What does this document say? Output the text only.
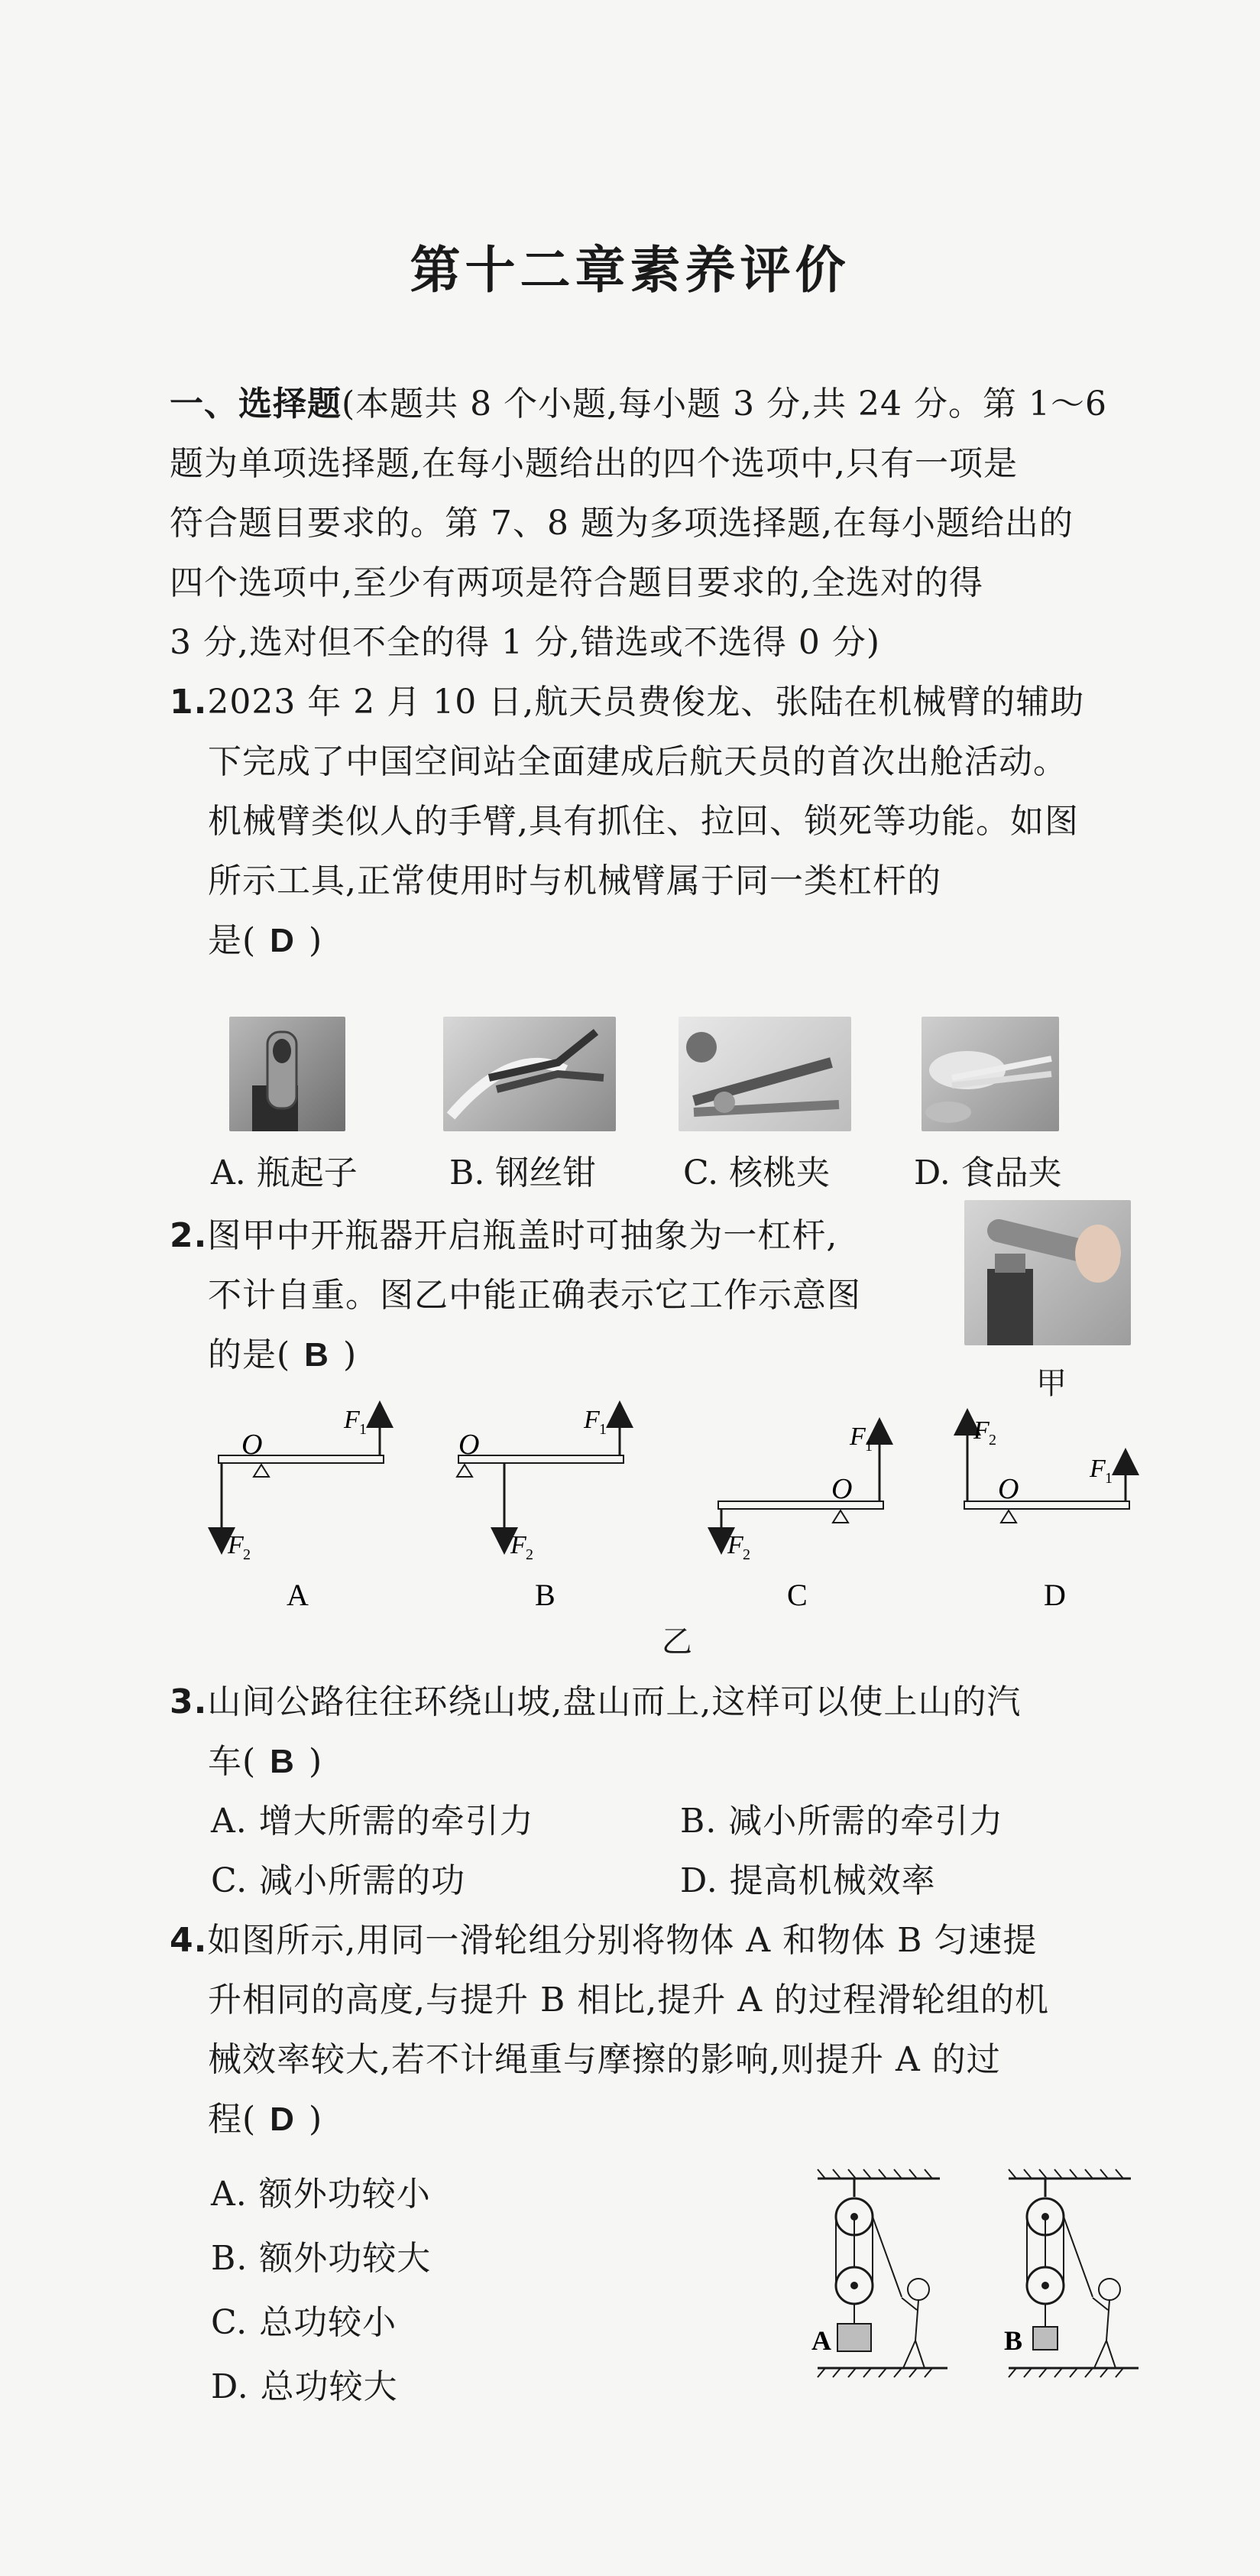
第十二章素养评价
一、选择题(本题共 8 个小题,每小题 3 分,共 24 分。第 1～6
题为单项选择题,在每小题给出的四个选项中,只有一项是
符合题目要求的。第 7、8 题为多项选择题,在每小题给出的
四个选项中,至少有两项是符合题目要求的,全选对的得
3 分,选对但不全的得 1 分,错选或不选得 0 分)
1.2023 年 2 月 10 日,航天员费俊龙、张陆在机械臂的辅助
下完成了中国空间站全面建成后航天员的首次出舱活动。
机械臂类似人的手臂,具有抓住、拉回、锁死等功能。如图
所示工具,正常使用时与机械臂属于同一类杠杆的
是( D )
A. 瓶起子	B. 钢丝钳	C. 核桃夹 D. 食品夹
2.图甲中开瓶器开启瓶盖时可抽象为一杠杆,
不计自重。图乙中能正确表示它工作示意图
的是( B )
甲
O
F 1
F 2
A
O
F 1
F 2
B
O
F 1
F 2
C
O
F 2
F 1
D
乙
3.山间公路往往环绕山坡,盘山而上,这样可以使上山的汽
车( B )
A. 增大所需的牵引力	B. 减小所需的牵引力
C. 减小所需的功	D. 提高机械效率
4.如图所示,用同一滑轮组分别将物体 A 和物体 B 匀速提
升相同的高度,与提升 B 相比,提升 A 的过程滑轮组的机
械效率较大,若不计绳重与摩擦的影响,则提升 A 的过
程( D )
A. 额外功较小
B. 额外功较大
C. 总功较小
D. 总功较大
A	B
